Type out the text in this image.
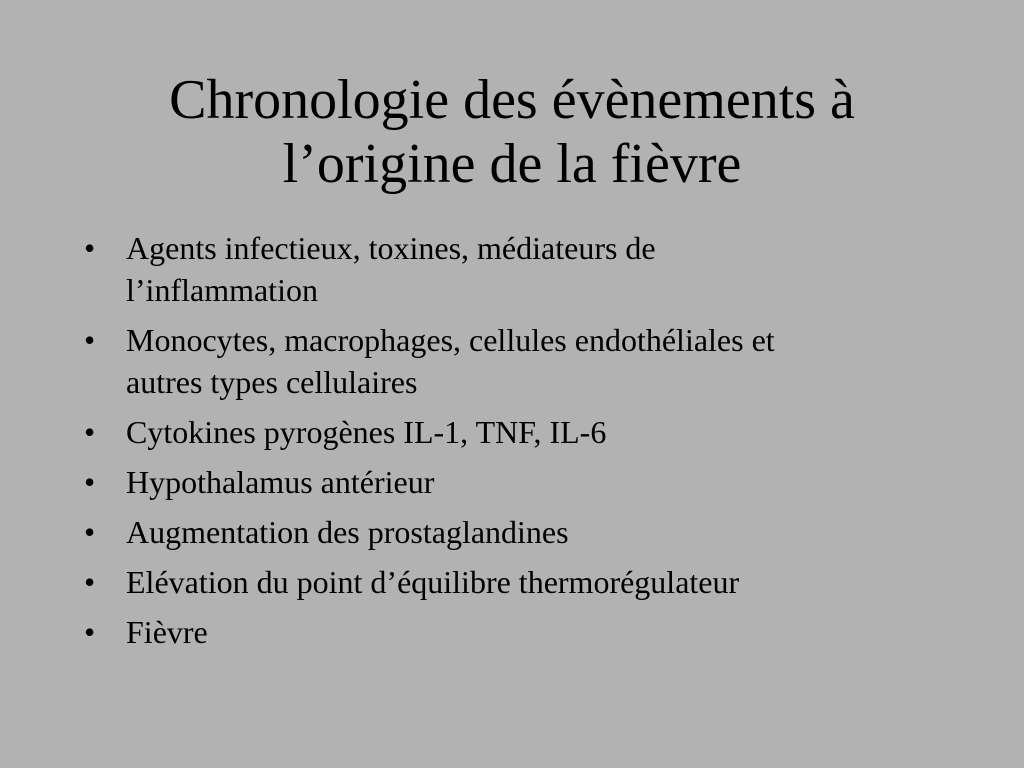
Chronologie des évènements à
l’origine de la fièvre
• Agents infectieux, toxines, médiateurs de
l’inflammation
• Monocytes, macrophages, cellules endothéliales et
autres types cellulaires
• Cytokines pyrogènes IL-1, TNF, IL-6
• Hypothalamus antérieur
• Augmentation des prostaglandines
• Elévation du point d’équilibre thermorégulateur
• Fièvre
